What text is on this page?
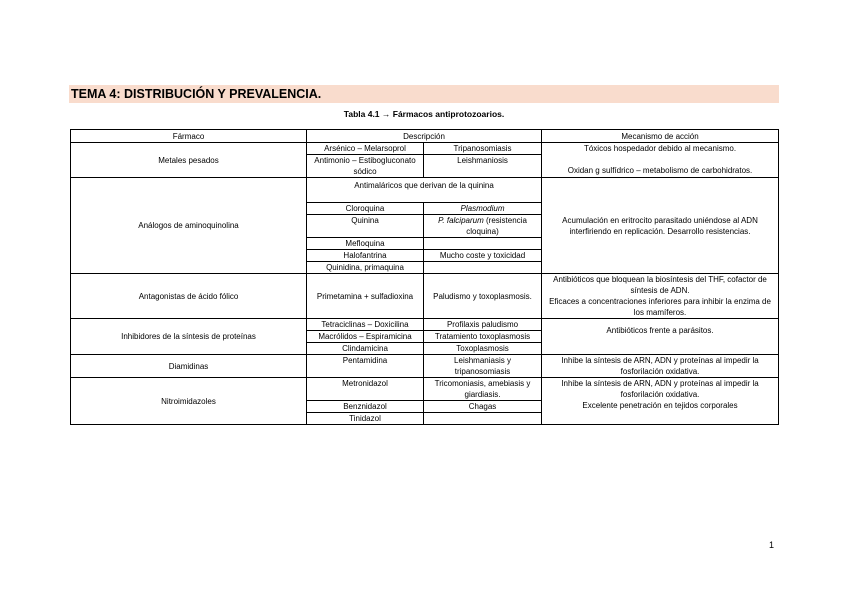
TEMA 4: DISTRIBUCIÓN Y PREVALENCIA.
Tabla 4.1 → Fármacos antiprotozoarios.
Fármaco	Descripción		Mecanismo de acción
Metales pesados	Arsénico – Melarsoprol	Tripanosomiasis	Tóxicos hospedador debido al mecanismo.

Oxidan g sulfídrico – metabolismo de carbohidratos.

	Antimonio – Estibogluconato sódico	Leishmaniosis	
Análogos de aminoquinolina	Antimaláricos que derivan de la quinina		Acumulación en eritrocito parasitado uniéndose al ADN interfiriendo en replicación. Desarrollo resistencias.
	Cloroquina	Plasmodium	
	Quinina	P. falciparum (resistencia cloquina)	
	Mefloquina		
	Halofantrina	Mucho coste y toxicidad	
	Quinidina, primaquina		
Antagonistas de ácido fólico	Primetamina + sulfadioxina	Paludismo y toxoplasmosis.	Antibióticos que bloquean la biosíntesis del THF, cofactor de síntesis de ADN.

Eficaces a concentraciones inferiores para inhibir la enzima de los mamíferos.

Inhibidores de la síntesis de proteínas	Tetraciclinas – Doxicilina	Profilaxis paludismo	Antibióticos frente a parásitos.
	Macrólidos – Espiramicina	Tratamiento toxoplasmosis	
	Clindamicina	Toxoplasmosis	
Diamidinas	Pentamidina	Leishmaniasis y tripanosomiasis	Inhibe la síntesis de ARN, ADN y proteínas al impedir la fosforilación oxidativa.
Nitroimidazoles	Metronidazol	Tricomoniasis, amebiasis y giardiasis.	Inhibe la síntesis de ARN, ADN y proteínas al impedir la fosforilación oxidativa.

Excelente penetración en tejidos corporales

	Benznidazol	Chagas	
	Tinidazol		
1
